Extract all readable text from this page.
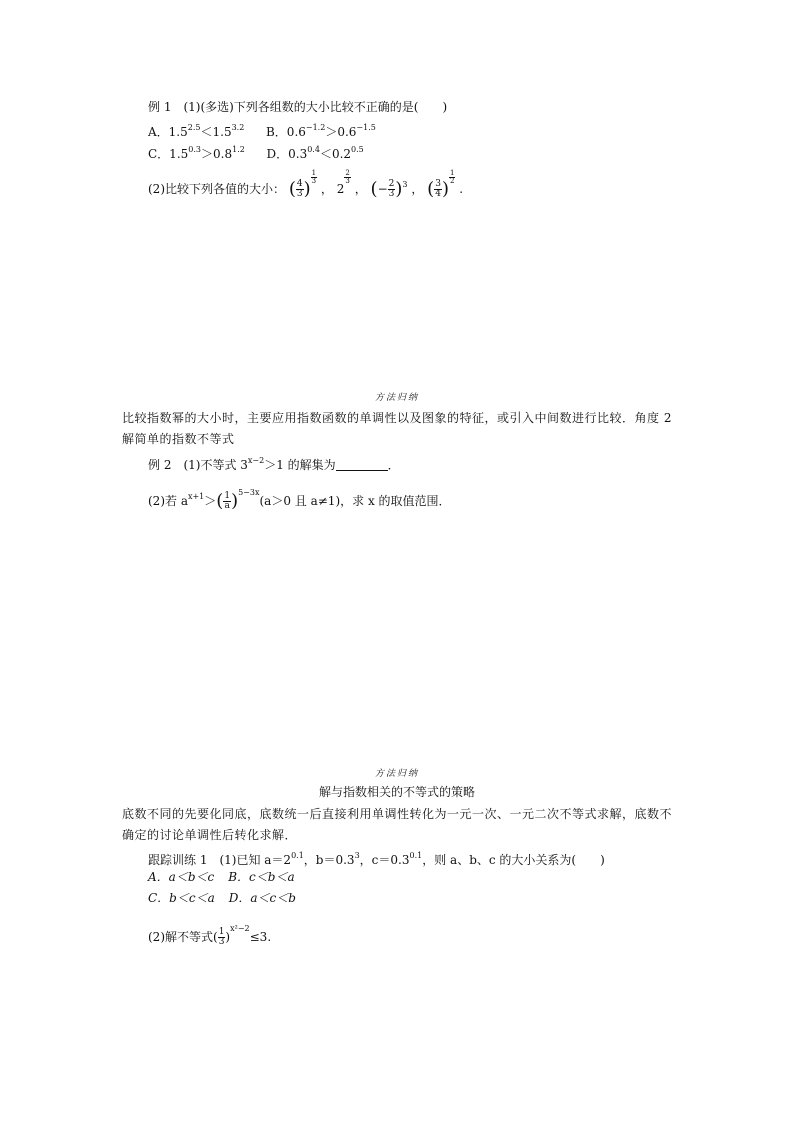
例 1　(1)(多选)下列各组数的大小比较不正确的是(　　)
A．$1.5^{2.5}<1.5^{3.2}$ B．$0.6^{-1.2}>0.6^{-1.5}$
C．$1.5^{0.3}>0.8^{1.2}$ D．$0.3^{0.4}<0.2^{0.5}$
(2)比较下列各值的大小： ( $\frac{4}{3}$ )
$\frac{1}{3}$
， 2
$\frac{2}{3}$
， (− $\frac{2}{3} )^3$ ， ( $\frac{3}{4}$ )
$\frac{1}{2}$
.
方法归纳
比较指数幂的大小时，主要应用指数函数的单调性以及图象的特征，或引入中间数进行比较．角度 2　解简单的指数不等式
例 2　(1)不等式 $3^{x-2}>1$ 的解集为	．
(2)若 $a^{x+1}>( \frac{1}{a} )^{5-3x}(a>0$ 且 a≠1)，求 x 的取值范围．
方法归纳
解与指数相关的不等式的策略
底数不同的先要化同底，底数统一后直接利用单调性转化为一元一次、一元二次不等式求解，底数不确定的讨论单调性后转化求解．
跟踪训练 1　(1)已知 $a=2^{0.1}$，$b=0.3^3$，$c=0.3^{0.1}$，则 a、b、c 的大小关系为(　　)
A．a＜b＜c B．c＜b＜a
C．b＜c＜a D．a＜c＜b
(2)解不等式( $\frac{1}{3} )^{x^2-2}\le 3$.
